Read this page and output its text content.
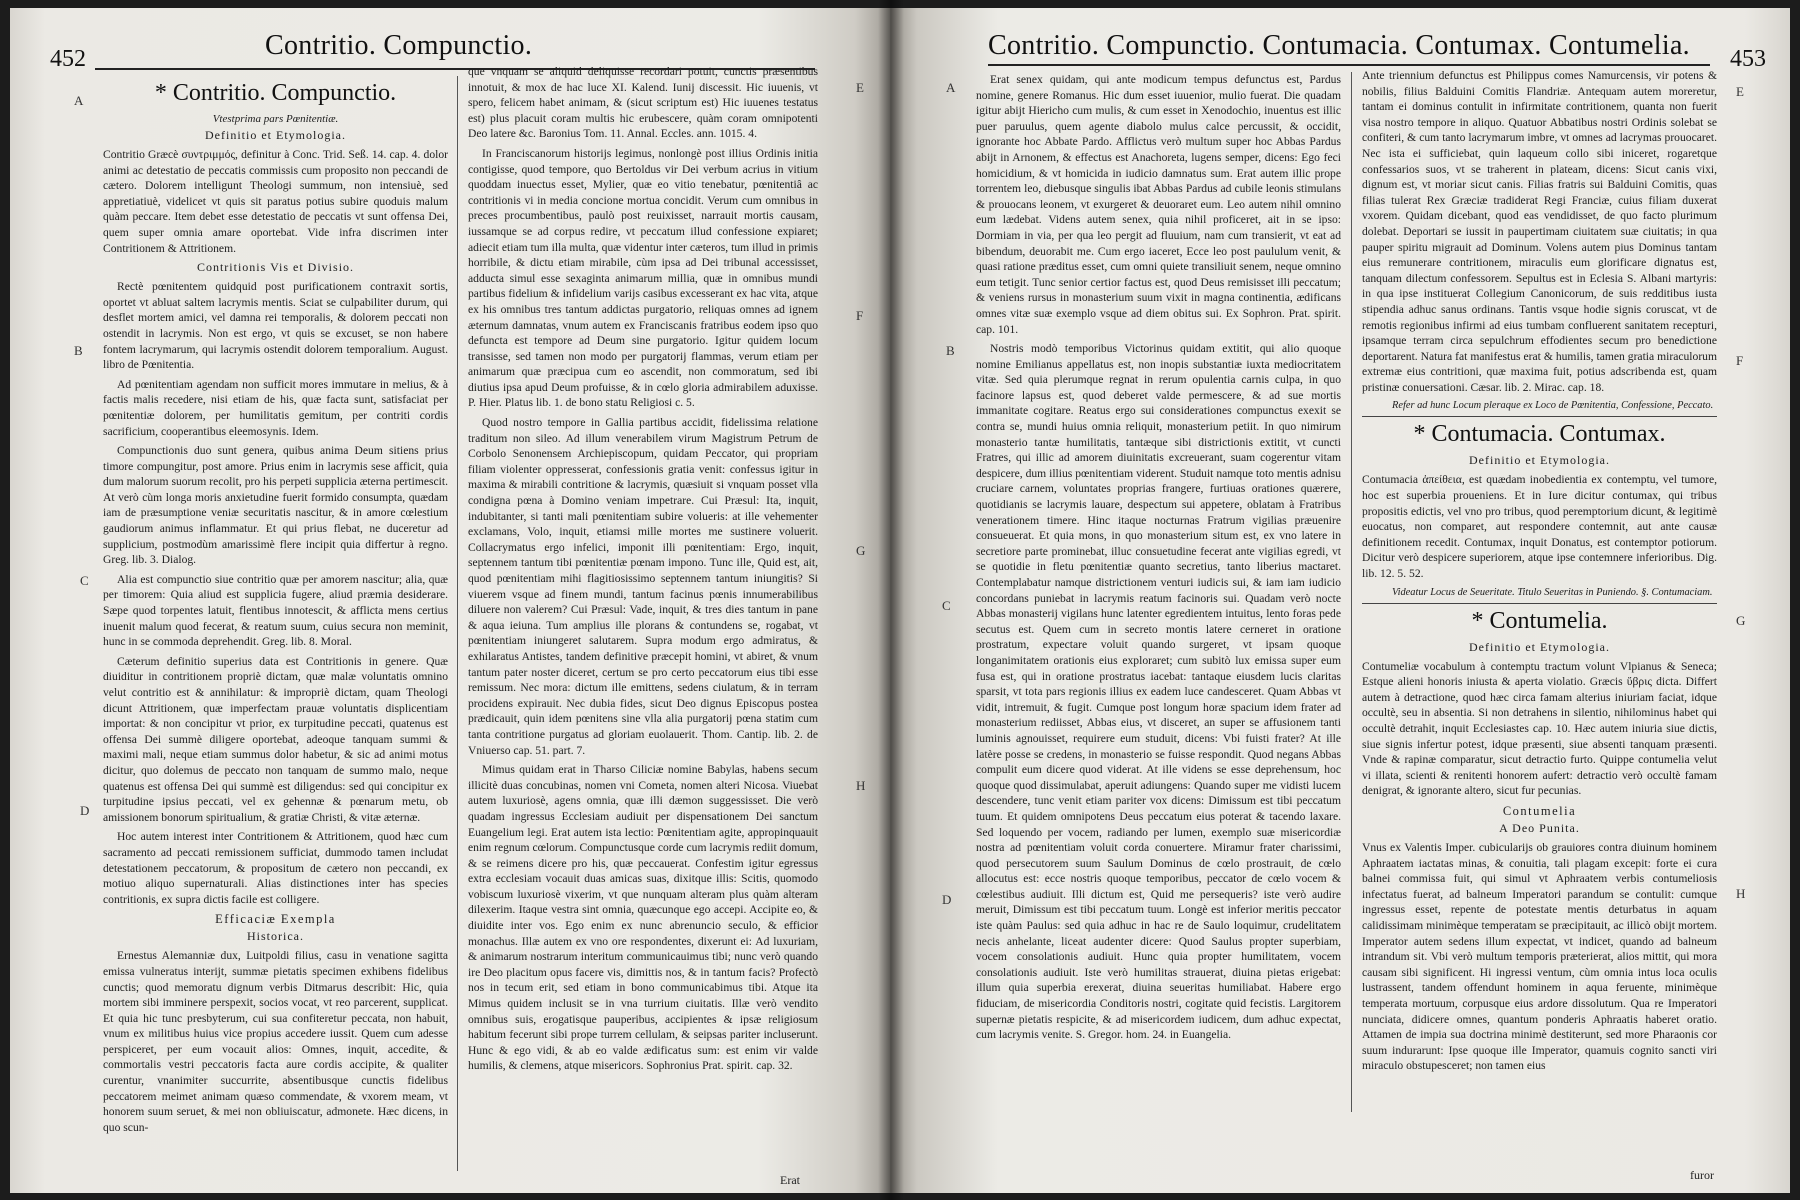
452	Contritio. Compunctio.
A
B
C
D
E
F
G
H

* Contritio. Compunctio.

Vtestprima pars Pœnitentiæ.

Definitio et Etymologia.

Contritio Græcè συντριμμός, definitur à Conc. Trid. Seß. 14. cap. 4. dolor animi ac detestatio de peccatis commissis cum proposito non peccandi de cætero. Dolorem intelligunt Theologi summum, non intensiuè, sed appretiatiuè, videlicet vt quis sit paratus potius subire quoduis malum quàm peccare. Item debet esse detestatio de peccatis vt sunt offensa Dei, quem super omnia amare oportebat. Vide infra discrimen inter Contritionem & Attritionem.

Contritionis Vis et Divisio.

Rectè pœnitentem quidquid post purificationem contraxit sortis, oportet vt abluat saltem lacrymis mentis. Sciat se culpabiliter durum, qui desflet mortem amici, vel damna rei temporalis, & dolorem peccati non ostendit in lacrymis. Non est ergo, vt quis se excuset, se non habere fontem lacrymarum, qui lacrymis ostendit dolorem temporalium. August. libro de Pœnitentia.

Ad pœnitentiam agendam non sufficit mores immutare in melius, & à factis malis recedere, nisi etiam de his, quæ facta sunt, satisfaciat per pœnitentiæ dolorem, per humilitatis gemitum, per contriti cordis sacrificium, cooperantibus eleemosynis. Idem.

Compunctionis duo sunt genera, quibus anima Deum sitiens prius timore compungitur, post amore. Prius enim in lacrymis sese afficit, quia dum malorum suorum recolit, pro his perpeti supplicia æterna pertimescit. At verò cùm longa moris anxietudine fuerit formido consumpta, quædam iam de præsumptione veniæ securitatis nascitur, & in amore cœlestium gaudiorum animus inflammatur. Et qui prius flebat, ne duceretur ad supplicium, postmodùm amarissimè flere incipit quia differtur à regno. Greg. lib. 3. Dialog.

Alia est compunctio siue contritio quæ per amorem nascitur; alia, quæ per timorem: Quia aliud est supplicia fugere, aliud præmia desiderare. Sæpe quod torpentes latuit, flentibus innotescit, & afflicta mens certius inuenit malum quod fecerat, & reatum suum, cuius secura non meminit, hunc in se commoda deprehendit. Greg. lib. 8. Moral.

Cæterum definitio superius data est Contritionis in genere. Quæ diuiditur in contritionem propriè dictam, quæ malæ voluntatis omnino velut contritio est & annihilatur: & impropriè dictam, quam Theologi dicunt Attritionem, quæ imperfectam prauæ voluntatis displicentiam importat: & non concipitur vt prior, ex turpitudine peccati, quatenus est offensa Dei summè diligere oportebat, adeoque tanquam summi & maximi mali, neque etiam summus dolor habetur, & sic ad animi motus dicitur, quo dolemus de peccato non tanquam de summo malo, neque quatenus est offensa Dei qui summè est diligendus: sed qui concipitur ex turpitudine ipsius peccati, vel ex gehennæ & pœnarum metu, ob amissionem bonorum spiritualium, & gratiæ Christi, & vitæ æternæ.

Hoc autem interest inter Contritionem & Attritionem, quod hæc cum sacramento ad peccati remissionem sufficiat, dummodo tamen includat detestationem peccatorum, & propositum de cætero non peccandi, ex motiuo aliquo supernaturali. Alias distinctiones inter has species contritionis, ex supra dictis facile est colligere.

Efficaciæ Exempla

Historica.

Ernestus Alemanniæ dux, Luitpoldi filius, casu in venatione sagitta emissa vulneratus interijt, summæ pietatis specimen exhibens fidelibus cunctis; quod memoratu dignum verbis Ditmarus describit: Hic, quia mortem sibi imminere perspexit, socios vocat, vt reo parcerent, supplicat. Et quia hic tunc presbyterum, cui sua confiteretur peccata, non habuit, vnum ex militibus huius vice propius accedere iussit. Quem cum adesse perspiceret, per eum vocauit alios: Omnes, inquit, accedite, & commortalis vestri peccatoris facta aure cordis accipite, & qualiter curentur, vnanimiter succurrite, absentibusque cunctis fidelibus peccatorem meimet animam quæso commendate, & vxorem meam, vt honorem suum seruet, & mei non obliuiscatur, admonete. Hæc dicens, in quo scun-

que vnquam se aliquid deliquisse recordari potuit, cunctis præsentibus innotuit, & mox de hac luce XI. Kalend. Iunij discessit. Hic iuuenis, vt spero, felicem habet animam, & (sicut scriptum est) Hic iuuenes testatus est) plus placuit coram multis hic erubescere, quàm coram omnipotenti Deo latere &c. Baronius Tom. 11. Annal. Eccles. ann. 1015. 4.

In Franciscanorum historijs legimus, nonlongè post illius Ordinis initia contigisse, quod tempore, quo Bertoldus vir Dei verbum acrius in vitium quoddam inuectus esset, Mylier, quæ eo vitio tenebatur, pœnitentiâ ac contritionis vi in media concione mortua concidit. Verum cum omnibus in preces procumbentibus, paulò post reuixisset, narrauit mortis causam, iussamque se ad corpus redire, vt peccatum illud confessione expiaret; adiecit etiam tum illa multa, quæ videntur inter cæteros, tum illud in primis horribile, & dictu etiam mirabile, cùm ipsa ad Dei tribunal accessisset, adducta simul esse sexaginta animarum millia, quæ in omnibus mundi partibus fidelium & infidelium varijs casibus excesserant ex hac vita, atque ex his omnibus tres tantum addictas purgatorio, reliquas omnes ad ignem æternum damnatas, vnum autem ex Franciscanis fratribus eodem ipso quo defuncta est tempore ad Deum sine purgatorio. Igitur quidem locum transisse, sed tamen non modo per purgatorij flammas, verum etiam per animarum quæ præcipua cum eo ascendit, non commoratum, sed ibi diutius ipsa apud Deum profuisse, & in cœlo gloria admirabilem aduxisse. P. Hier. Platus lib. 1. de bono statu Religiosi c. 5.

Quod nostro tempore in Gallia partibus accidit, fidelissima relatione traditum non sileo. Ad illum venerabilem virum Magistrum Petrum de Corbolo Senonensem Archiepiscopum, quidam Peccator, qui propriam filiam violenter oppresserat, confessionis gratia venit: confessus igitur in maxima & mirabili contritione & lacrymis, quæsiuit si vnquam posset vlla condigna pœna à Domino veniam impetrare. Cui Præsul: Ita, inquit, indubitanter, si tanti mali pœnitentiam subire volueris: at ille vehementer exclamans, Volo, inquit, etiamsi mille mortes me sustinere voluerit. Collacrymatus ergo infelici, imponit illi pœnitentiam: Ergo, inquit, septennem tantum tibi pœnitentiæ pœnam impono. Tunc ille, Quid est, ait, quod pœnitentiam mihi flagitiosissimo septennem tantum iniungitis? Si viuerem vsque ad finem mundi, tantum facinus pœnis innumerabilibus diluere non valerem? Cui Præsul: Vade, inquit, & tres dies tantum in pane & aqua ieiuna. Tum amplius ille plorans & contundens se, rogabat, vt pœnitentiam iniungeret salutarem. Supra modum ergo admiratus, & exhilaratus Antistes, tandem definitive præcepit homini, vt abiret, & vnum tantum pater noster diceret, certum se pro certo peccatorum eius tibi esse remissum. Nec mora: dictum ille emittens, sedens ciulatum, & in terram procidens expirauit. Nec dubia fides, sicut Deo dignus Episcopus postea prædicauit, quin idem pœnitens sine vlla alia purgatorij pœna statim cum tanta contritione purgatus ad gloriam euolauerit. Thom. Cantip. lib. 2. de Vniuerso cap. 51. part. 7.

Mimus quidam erat in Tharso Ciliciæ nomine Babylas, habens secum illicitè duas concubinas, nomen vni Cometa, nomen alteri Nicosa. Viuebat autem luxuriosè, agens omnia, quæ illi dæmon suggessisset. Die verò quadam ingressus Ecclesiam audiuit per dispensationem Dei sanctum Euangelium legi. Erat autem ista lectio: Pœnitentiam agite, appropinquauit enim regnum cœlorum. Compunctusque corde cum lacrymis rediit domum, & se reimens dicere pro his, quæ peccauerat. Confestim igitur egressus extra ecclesiam vocauit duas amicas suas, dixitque illis: Scitis, quomodo vobiscum luxuriosè vixerim, vt que nunquam alteram plus quàm alteram dilexerim. Itaque vestra sint omnia, quæcunque ego accepi. Accipite eo, & diuidite inter vos. Ego enim ex nunc abrenuncio seculo, & efficior monachus. Illæ autem ex vno ore respondentes, dixerunt ei: Ad luxuriam, & animarum nostrarum interitum communicauimus tibi; nunc verò quando ire Deo placitum opus facere vis, dimittis nos, & in tantum facis? Profectò nos in tecum erit, sed etiam in bono communicabimus tibi. Atque ita Mimus quidem inclusit se in vna turrium ciuitatis. Illæ verò vendito omnibus suis, erogatisque pauperibus, accipientes & ipsæ religiosum habitum fecerunt sibi prope turrem cellulam, & seipsas pariter incluserunt. Hunc & ego vidi, & ab eo valde ædificatus sum: est enim vir valde humilis, & clemens, atque misericors. Sophronius Prat. spirit. cap. 32.

Erat
Contritio. Compunctio. Contumacia. Contumax. Contumelia. 453
A
B
C
D
E
F
G
H

Erat senex quidam, qui ante modicum tempus defunctus est, Pardus nomine, genere Romanus. Hic dum esset iuuenior, mulio fuerat. Die quadam igitur abijt Hiericho cum mulis, & cum esset in Xenodochio, inuentus est illic puer paruulus, quem agente diabolo mulus calce percussit, & occidit, ignorante hoc Abbate Pardo. Afflictus verò multum super hoc Abbas Pardus abijt in Arnonem, & effectus est Anachoreta, lugens semper, dicens: Ego feci homicidium, & vt homicida in iudicio damnatus sum. Erat autem illic prope torrentem leo, diebusque singulis ibat Abbas Pardus ad cubile leonis stimulans & prouocans leonem, vt exurgeret & deuoraret eum. Leo autem nihil omnino eum lædebat. Videns autem senex, quia nihil proficeret, ait in se ipso: Dormiam in via, per qua leo pergit ad fluuium, nam cum transierit, vt eat ad bibendum, deuorabit me. Cum ergo iaceret, Ecce leo post paululum venit, & quasi ratione præditus esset, cum omni quiete transiliuit senem, neque omnino eum tetigit. Tunc senior certior factus est, quod Deus remisisset illi peccatum; & veniens rursus in monasterium suum vixit in magna continentia, ædificans omnes vitæ suæ exemplo vsque ad diem obitus sui. Ex Sophron. Prat. spirit. cap. 101.

Nostris modò temporibus Victorinus quidam extitit, qui alio quoque nomine Emilianus appellatus est, non inopis substantiæ iuxta mediocritatem vitæ. Sed quia plerumque regnat in rerum opulentia carnis culpa, in quo facinore lapsus est, quod deberet valde permescere, & ad sue mortis immanitate cogitare. Reatus ergo sui considerationes compunctus exexit se contra se, mundi huius omnia reliquit, monasterium petiit. In quo nimirum monasterio tantæ humilitatis, tantæque sibi districtionis extitit, vt cuncti Fratres, qui illic ad amorem diuinitatis excreuerant, suam cogerentur vitam despicere, dum illius pœnitentiam viderent. Studuit namque toto mentis adnisu cruciare carnem, voluntates proprias frangere, furtiuas orationes quærere, quotidianis se lacrymis lauare, despectum sui appetere, oblatam à Fratribus venerationem timere. Hinc itaque nocturnas Fratrum vigilias præuenire consueuerat. Et quia mons, in quo monasterium situm est, ex vno latere in secretiore parte prominebat, illuc consuetudine fecerat ante vigilias egredi, vt se quotidie in fletu pœnitentiæ quanto secretius, tanto liberius mactaret. Contemplabatur namque districtionem venturi iudicis sui, & iam iam iudicio concordans puniebat in lacrymis reatum facinoris sui. Quadam verò nocte Abbas monasterij vigilans hunc latenter egredientem intuitus, lento foras pede secutus est. Quem cum in secreto montis latere cerneret in oratione prostratum, expectare voluit quando surgeret, vt ipsam quoque longanimitatem orationis eius exploraret; cum subitò lux emissa super eum fusa est, qui in oratione prostratus iacebat: tantaque eiusdem lucis claritas sparsit, vt tota pars regionis illius ex eadem luce candesceret. Quam Abbas vt vidit, intremuit, & fugit. Cumque post longum horæ spacium idem frater ad monasterium rediisset, Abbas eius, vt disceret, an super se affusionem tanti luminis agnouisset, requirere eum studuit, dicens: Vbi fuisti frater? At ille latère posse se credens, in monasterio se fuisse respondit. Quod negans Abbas compulit eum dicere quod viderat. At ille videns se esse deprehensum, hoc quoque quod dissimulabat, aperuit adiungens: Quando super me vidisti lucem descendere, tunc venit etiam pariter vox dicens: Dimissum est tibi peccatum tuum. Et quidem omnipotens Deus peccatum eius poterat & tacendo laxare. Sed loquendo per vocem, radiando per lumen, exemplo suæ misericordiæ nostra ad pœnitentiam voluit corda conuertere. Miramur frater charissimi, quod persecutorem suum Saulum Dominus de cœlo prostrauit, de cœlo allocutus est: ecce nostris quoque temporibus, peccator de cœlo vocem & cœlestibus audiuit. Illi dictum est, Quid me persequeris? iste verò audire meruit, Dimissum est tibi peccatum tuum. Longè est inferior meritis peccator iste quàm Paulus: sed quia adhuc in hac re de Saulo loquimur, crudelitatem necis anhelante, liceat audenter dicere: Quod Saulus propter superbiam, vocem consolationis audiuit. Hunc quia propter humilitatem, vocem consolationis audiuit. Iste verò humilitas strauerat, diuina pietas erigebat: illum quia superbia erexerat, diuina seueritas humiliabat. Habere ergo fiduciam, de misericordia Conditoris nostri, cogitate quid fecistis. Largitorem supernæ pietatis respicite, & ad misericordem iudicem, dum adhuc expectat, cum lacrymis venite. S. Gregor. hom. 24. in Euangelia.

Ante triennium defunctus est Philippus comes Namurcensis, vir potens & nobilis, filius Balduini Comitis Flandriæ. Antequam autem moreretur, tantam ei dominus contulit in infirmitate contritionem, quanta non fuerit visa nostro tempore in aliquo. Quatuor Abbatibus nostri Ordinis solebat se confiteri, & cum tanto lacrymarum imbre, vt omnes ad lacrymas prouocaret. Nec ista ei sufficiebat, quin laqueum collo sibi iniceret, rogaretque confessarios suos, vt se traherent in plateam, dicens: Sicut canis vixi, dignum est, vt moriar sicut canis. Filias fratris sui Balduini Comitis, quas filias tulerat Rex Græciæ tradiderat Regi Franciæ, cuius filiam duxerat vxorem. Quidam dicebant, quod eas vendidisset, de quo facto plurimum dolebat. Deportari se iussit in paupertimam ciuitatem suæ ciuitatis; in qua pauper spiritu migrauit ad Dominum. Volens autem pius Dominus tantam eius remunerare contritionem, miraculis eum glorificare dignatus est, tanquam dilectum confessorem. Sepultus est in Eclesia S. Albani martyris: in qua ipse instituerat Collegium Canonicorum, de suis redditibus iusta stipendia adhuc sanus ordinans. Tantis vsque hodie signis coruscat, vt de remotis regionibus infirmi ad eius tumbam confluerent sanitatem recepturi, ipsamque terram circa sepulchrum effodientes secum pro benedictione deportarent. Natura fat manifestus erat & humilis, tamen gratia miraculorum extremæ eius contritioni, quæ maxima fuit, potius adscribenda est, quam pristinæ conuersationi. Cæsar. lib. 2. Mirac. cap. 18.

Refer ad hunc Locum pleraque ex Loco de Pœnitentia, Confessione, Peccato.

* Contumacia. Contumax.

Definitio et Etymologia.

Contumacia ἀπείθεια, est quædam inobedientia ex contemptu, vel tumore, hoc est superbia proueniens. Et in Iure dicitur contumax, qui tribus propositis edictis, vel vno pro tribus, quod peremptorium dicunt, & legitimè euocatus, non comparet, aut respondere contemnit, aut ante causæ definitionem recedit. Contumax, inquit Donatus, est contemptor potiorum. Dicitur verò despicere superiorem, atque ipse contemnere inferioribus. Dig. lib. 12. 5. 52.

Videatur Locus de Seueritate. Titulo Seueritas in Puniendo. §. Contumaciam.

* Contumelia.

Definitio et Etymologia.

Contumeliæ vocabulum à contemptu tractum volunt Vlpianus & Seneca; Estque alieni honoris iniusta & aperta violatio. Græcis ὕβρις dicta. Differt autem à detractione, quod hæc circa famam alterius iniuriam faciat, idque occultè, seu in absentia. Si non detrahens in silentio, nihilominus habet qui occultè detrahit, inquit Ecclesiastes cap. 10. Hæc autem iniuria siue dictis, siue signis infertur potest, idque præsenti, siue absenti tanquam præsenti. Vnde & rapinæ comparatur, sicut detractio furto. Quippe contumelia velut vi illata, scienti & renitenti honorem aufert: detractio verò occultè famam denigrat, & ignorante altero, sicut fur pecunias.

Contumelia

A Deo Punita.

Vnus ex Valentis Imper. cubicularijs ob grauiores contra diuinum hominem Aphraatem iactatas minas, & conuitia, tali plagam excepit: forte ei cura balnei commissa fuit, qui simul vt Aphraatem verbis contumeliosis infectatus fuerat, ad balneum Imperatori parandum se contulit: cumque ingressus esset, repente de potestate mentis deturbatus in aquam calidissimam minimèque temperatam se præcipitauit, ac illicò obijt mortem. Imperator autem sedens illum expectat, vt indicet, quando ad balneum intrandum sit. Vbi verò multum temporis præterierat, alios mittit, qui mora causam sibi significent. Hi ingressi ventum, cùm omnia intus loca oculis lustrassent, tandem offendunt hominem in aqua feruente, minimèque temperata mortuum, corpusque eius ardore dissolutum. Qua re Imperatori nunciata, didicere omnes, quantum ponderis Aphraatis haberet oratio. Attamen de impia sua doctrina minimè destiterunt, sed more Pharaonis cor suum indurarunt: Ipse quoque ille Imperator, quamuis cognito sancti viri miraculo obstupesceret; non tamen eius

furor
